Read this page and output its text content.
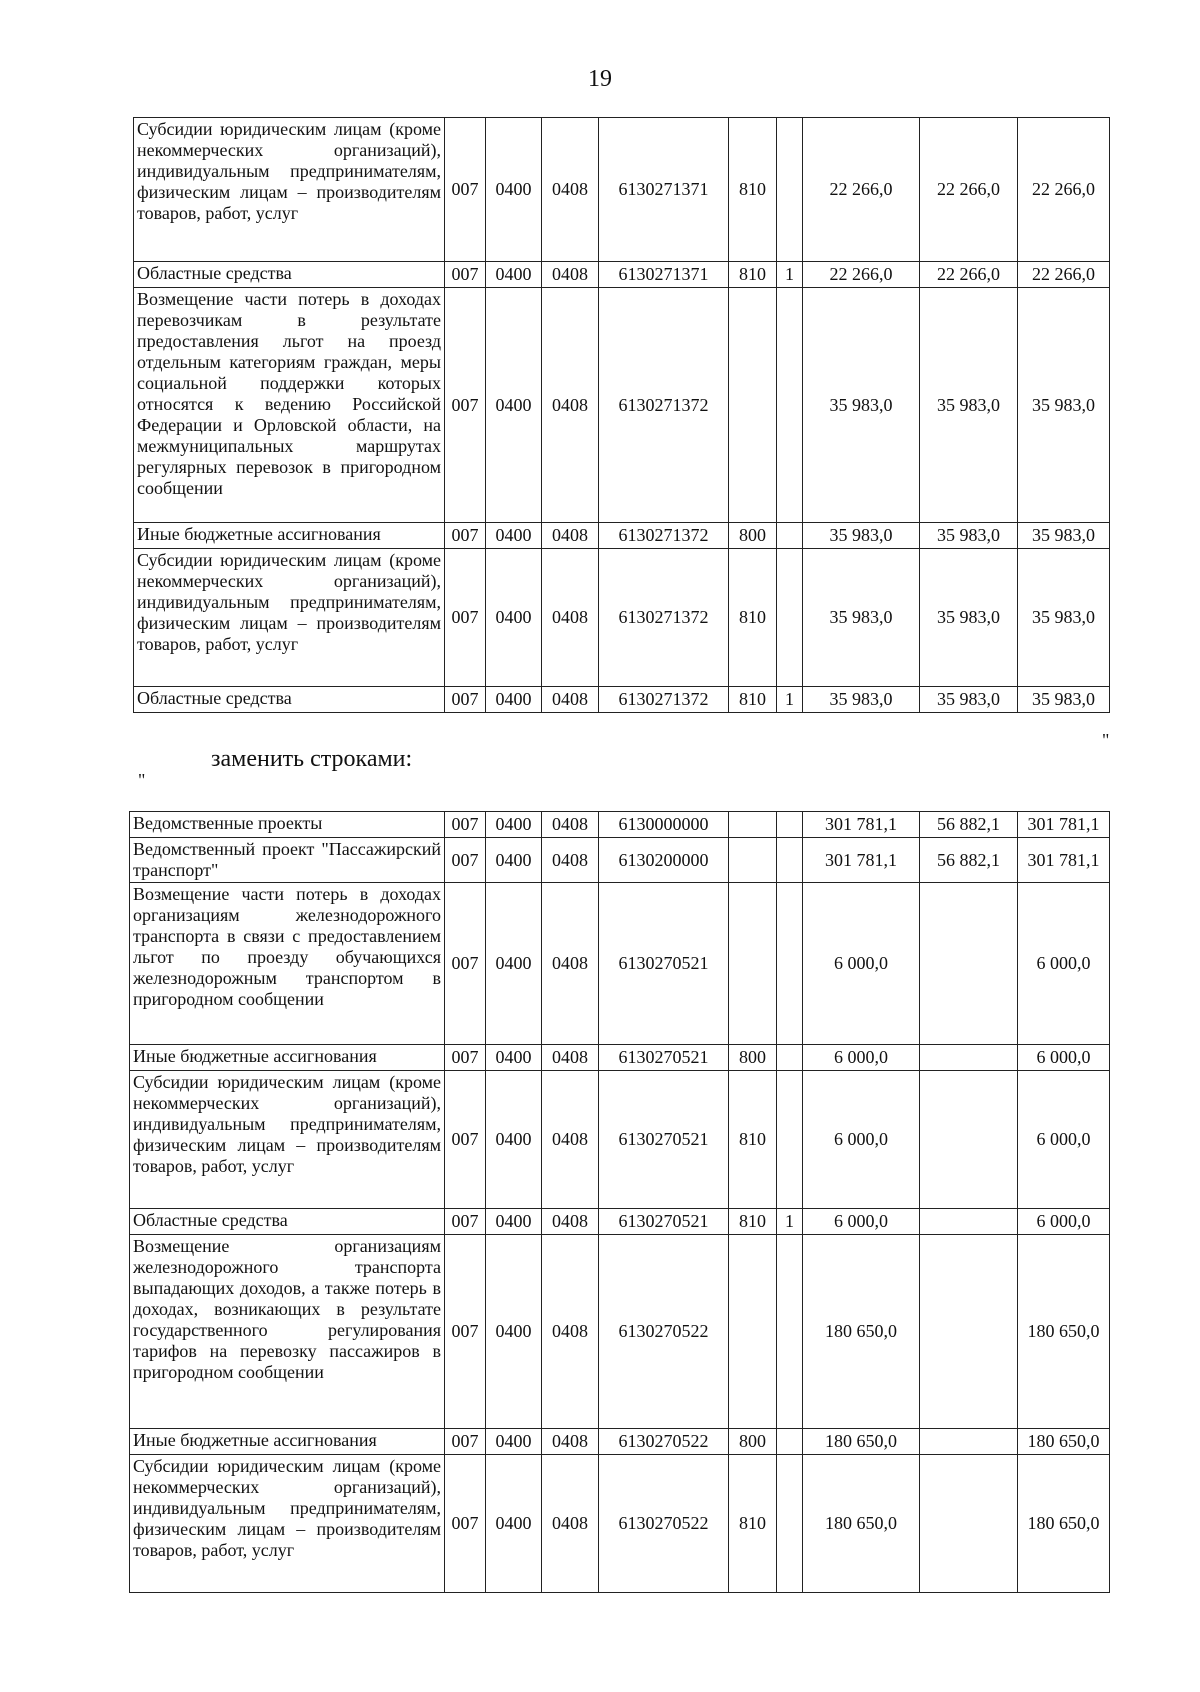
19
Субсидии юридическим лицам (кроме некоммерческих организаций), индивидуальным предпринимателям, физическим лицам – производителям товаров, работ, услуг	007	0400	0408	6130271371	810		22 266,0	22 266,0	22 266,0
Областные средства	007	0400	0408	6130271371	810	1	22 266,0	22 266,0	22 266,0
Возмещение части потерь в доходах перевозчикам в результате предоставления льгот на проезд отдельным категориям граждан, меры социальной поддержки которых относятся к ведению Российской Федерации и Орловской области, на межмуниципальных маршрутах регулярных перевозок в пригородном сообщении	007	0400	0408	6130271372			35 983,0	35 983,0	35 983,0
Иные бюджетные ассигнования	007	0400	0408	6130271372	800		35 983,0	35 983,0	35 983,0
Субсидии юридическим лицам (кроме некоммерческих организаций), индивидуальным предпринимателям, физическим лицам – производителям товаров, работ, услуг	007	0400	0408	6130271372	810		35 983,0	35 983,0	35 983,0
Областные средства	007	0400	0408	6130271372	810	1	35 983,0	35 983,0	35 983,0
"
заменить строками:
"
Ведомственные проекты	007	0400	0408	6130000000			301 781,1	56 882,1	301 781,1
Ведомственный проект "Пассажирский транспорт"	007	0400	0408	6130200000			301 781,1	56 882,1	301 781,1
Возмещение части потерь в доходах организациям железнодорожного транспорта в связи с предоставлением льгот по проезду обучающихся железнодорожным транспортом в пригородном сообщении	007	0400	0408	6130270521			6 000,0		6 000,0
Иные бюджетные ассигнования	007	0400	0408	6130270521	800		6 000,0		6 000,0
Субсидии юридическим лицам (кроме некоммерческих организаций), индивидуальным предпринимателям, физическим лицам – производителям товаров, работ, услуг	007	0400	0408	6130270521	810		6 000,0		6 000,0
Областные средства	007	0400	0408	6130270521	810	1	6 000,0		6 000,0
Возмещение организациям железнодорожного транспорта выпадающих доходов, а также потерь в доходах, возникающих в результате государственного регулирования тарифов на перевозку пассажиров в пригородном сообщении	007	0400	0408	6130270522			180 650,0		180 650,0
Иные бюджетные ассигнования	007	0400	0408	6130270522	800		180 650,0		180 650,0
Субсидии юридическим лицам (кроме некоммерческих организаций), индивидуальным предпринимателям, физическим лицам – производителям товаров, работ, услуг	007	0400	0408	6130270522	810		180 650,0		180 650,0
